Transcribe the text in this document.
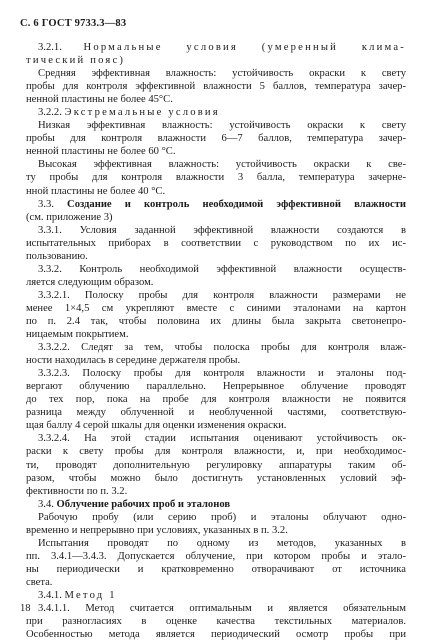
С. 6 ГОСТ 9733.3—83
3.2.1. Нормальные условия (умеренный клима-
тический пояс)
Средняя эффективная влажность: устойчивость окраски к свету
пробы для контроля эффективной влажности 5 баллов, температура зачер-
ненной пластины не более 45°С.
3.2.2. Экстремальные условия
Низкая эффективная влажность: устойчивость окраски к свету
пробы для контроля влажности 6—7 баллов, температура зачер-
ненной пластины не более 60 °С.
Высокая эффективная влажность: устойчивость окраски к све-
ту пробы для контроля влажности 3 балла, температура зачерне-
нной пластины не более 40 °С.
3.3. Создание и контроль необходимой эффективной влажности
(см. приложение 3)
3.3.1. Условия заданной эффективной влажности создаются в
испытательных приборах в соответствии с руководством по их ис-
пользованию.
3.3.2. Контроль необходимой эффективной влажности осуществ-
ляется следующим образом.
3.3.2.1. Полоску пробы для контроля влажности размерами не
менее 1×4,5 см укрепляют вместе с синими эталонами на картон
по п. 2.4 так, чтобы половина их длины была закрыта светонепро-
ницаемым покрытием.
3.3.2.2. Следят за тем, чтобы полоска пробы для контроля влаж-
ности находилась в середине держателя пробы.
3.3.2.3. Полоску пробы для контроля влажности и эталоны под-
вергают облучению параллельно. Непрерывное облучение проводят
до тех пор, пока на пробе для контроля влажности не появится
разница между облученной и необлученной частями, соответствую-
щая баллу 4 серой шкалы для оценки изменения окраски.
3.3.2.4. На этой стадии испытания оценивают устойчивость ок-
раски к свету пробы для контроля влажности, и, при необходимос-
ти, проводят дополнительную регулировку аппаратуры таким об-
разом, чтобы можно было достигнуть установленных условий эф-
фективности по п. 3.2.
3.4. Облучение рабочих проб и эталонов
Рабочую пробу (или серию проб) и эталоны облучают одно-
временно и непрерывно при условиях, указанных в п. 3.2.
Испытания проводят по одному из методов, указанных в
пп. 3.4.1—3.4.3. Допускается облучение, при котором пробы и этало-
ны периодически и кратковременно отворачивают от источника
света.
3.4.1. Метод 1
3.4.1.1. Метод считается оптимальным и является обязательным
при разногласиях в оценке качества текстильных материалов.
Особенностью метода является периодический осмотр пробы при
18
